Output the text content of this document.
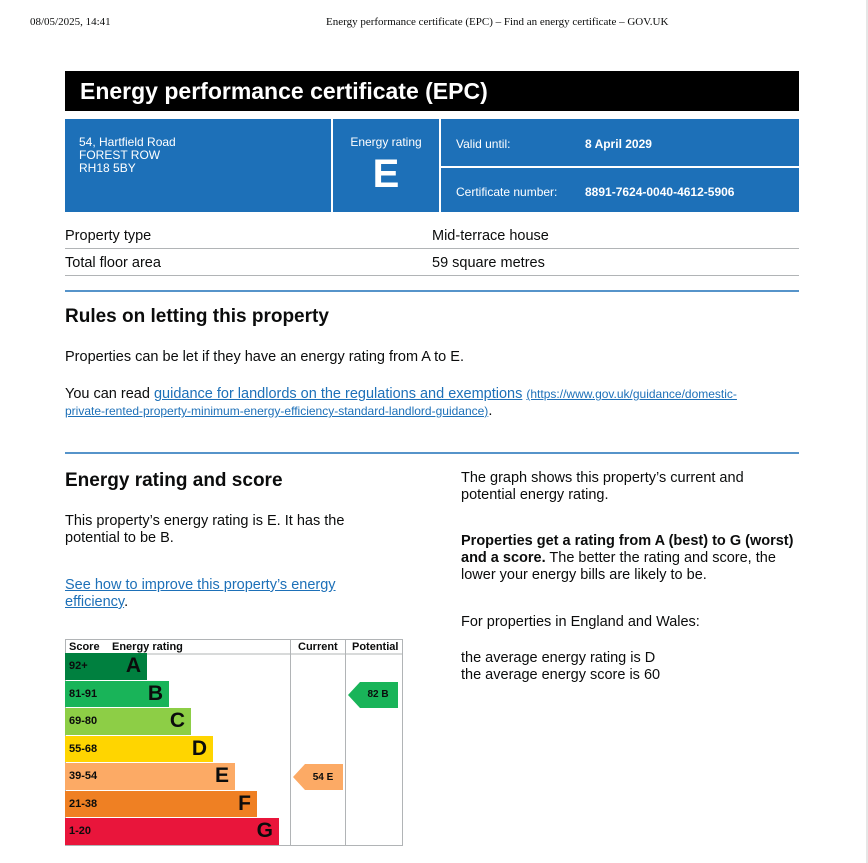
08/05/2025, 14:41	Energy performance certificate (EPC) – Find an energy certificate – GOV.UK
Energy performance certificate (EPC)
54, Hartfield Road
FOREST ROW
RH18 5BY
Energy rating
E
Valid until:	8 April 2029
Certificate number: 8891-7624-0040-4612-5906
Property type	Mid-terrace house
Total floor area	59 square metres
Rules on letting this property

Properties can be let if they have an energy rating from A to E.

You can read guidance for landlords on the regulations and exemptions (https://www.gov.uk/guidance/domestic-
private-rented-property-minimum-energy-efficiency-standard-landlord-guidance).

Energy rating and score

This property’s energy rating is E. It has the
potential to be B.

See how to improve this property’s energy
efficiency.

The graph shows this property’s current and
potential energy rating.

Properties get a rating from A (best) to G (worst)
and a score. The better the rating and score, the
lower your energy bills are likely to be.

For properties in England and Wales:

the average energy rating is D
the average energy score is 60

Score Energy rating	Current Potential
92+	A
81-91	B
69-80	C
55-68	D
39-54	E
21-38	F
1-20	G
54 E
82 B
